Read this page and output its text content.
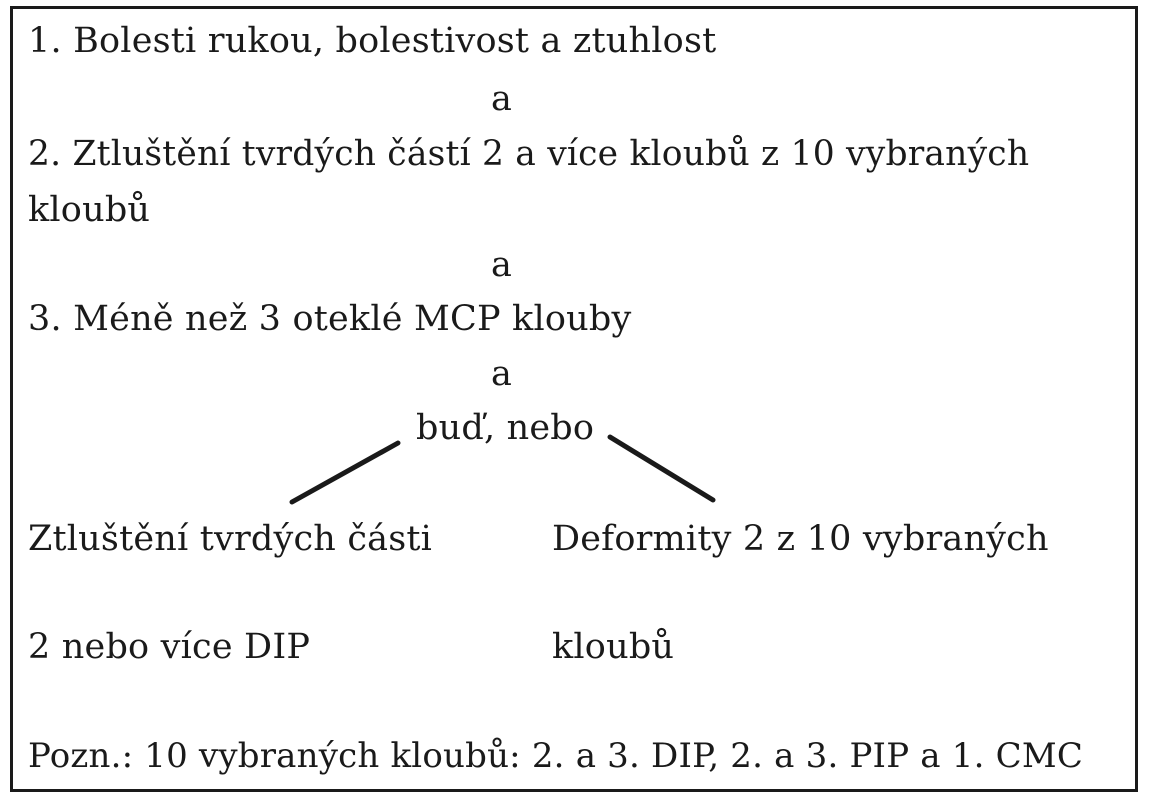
1. Bolesti rukou, bolestivost a ztuhlost
a
2. Ztluštění tvrdých částí 2 a více kloubů z 10 vybraných
kloubů
a
3. Méně než 3 oteklé MCP klouby
a
buď, nebo
Ztluštění tvrdých části
2 nebo více DIP
Deformity 2 z 10 vybraných
kloubů
Pozn.: 10 vybraných kloubů: 2. a 3. DIP, 2. a 3. PIP a 1. CMC
